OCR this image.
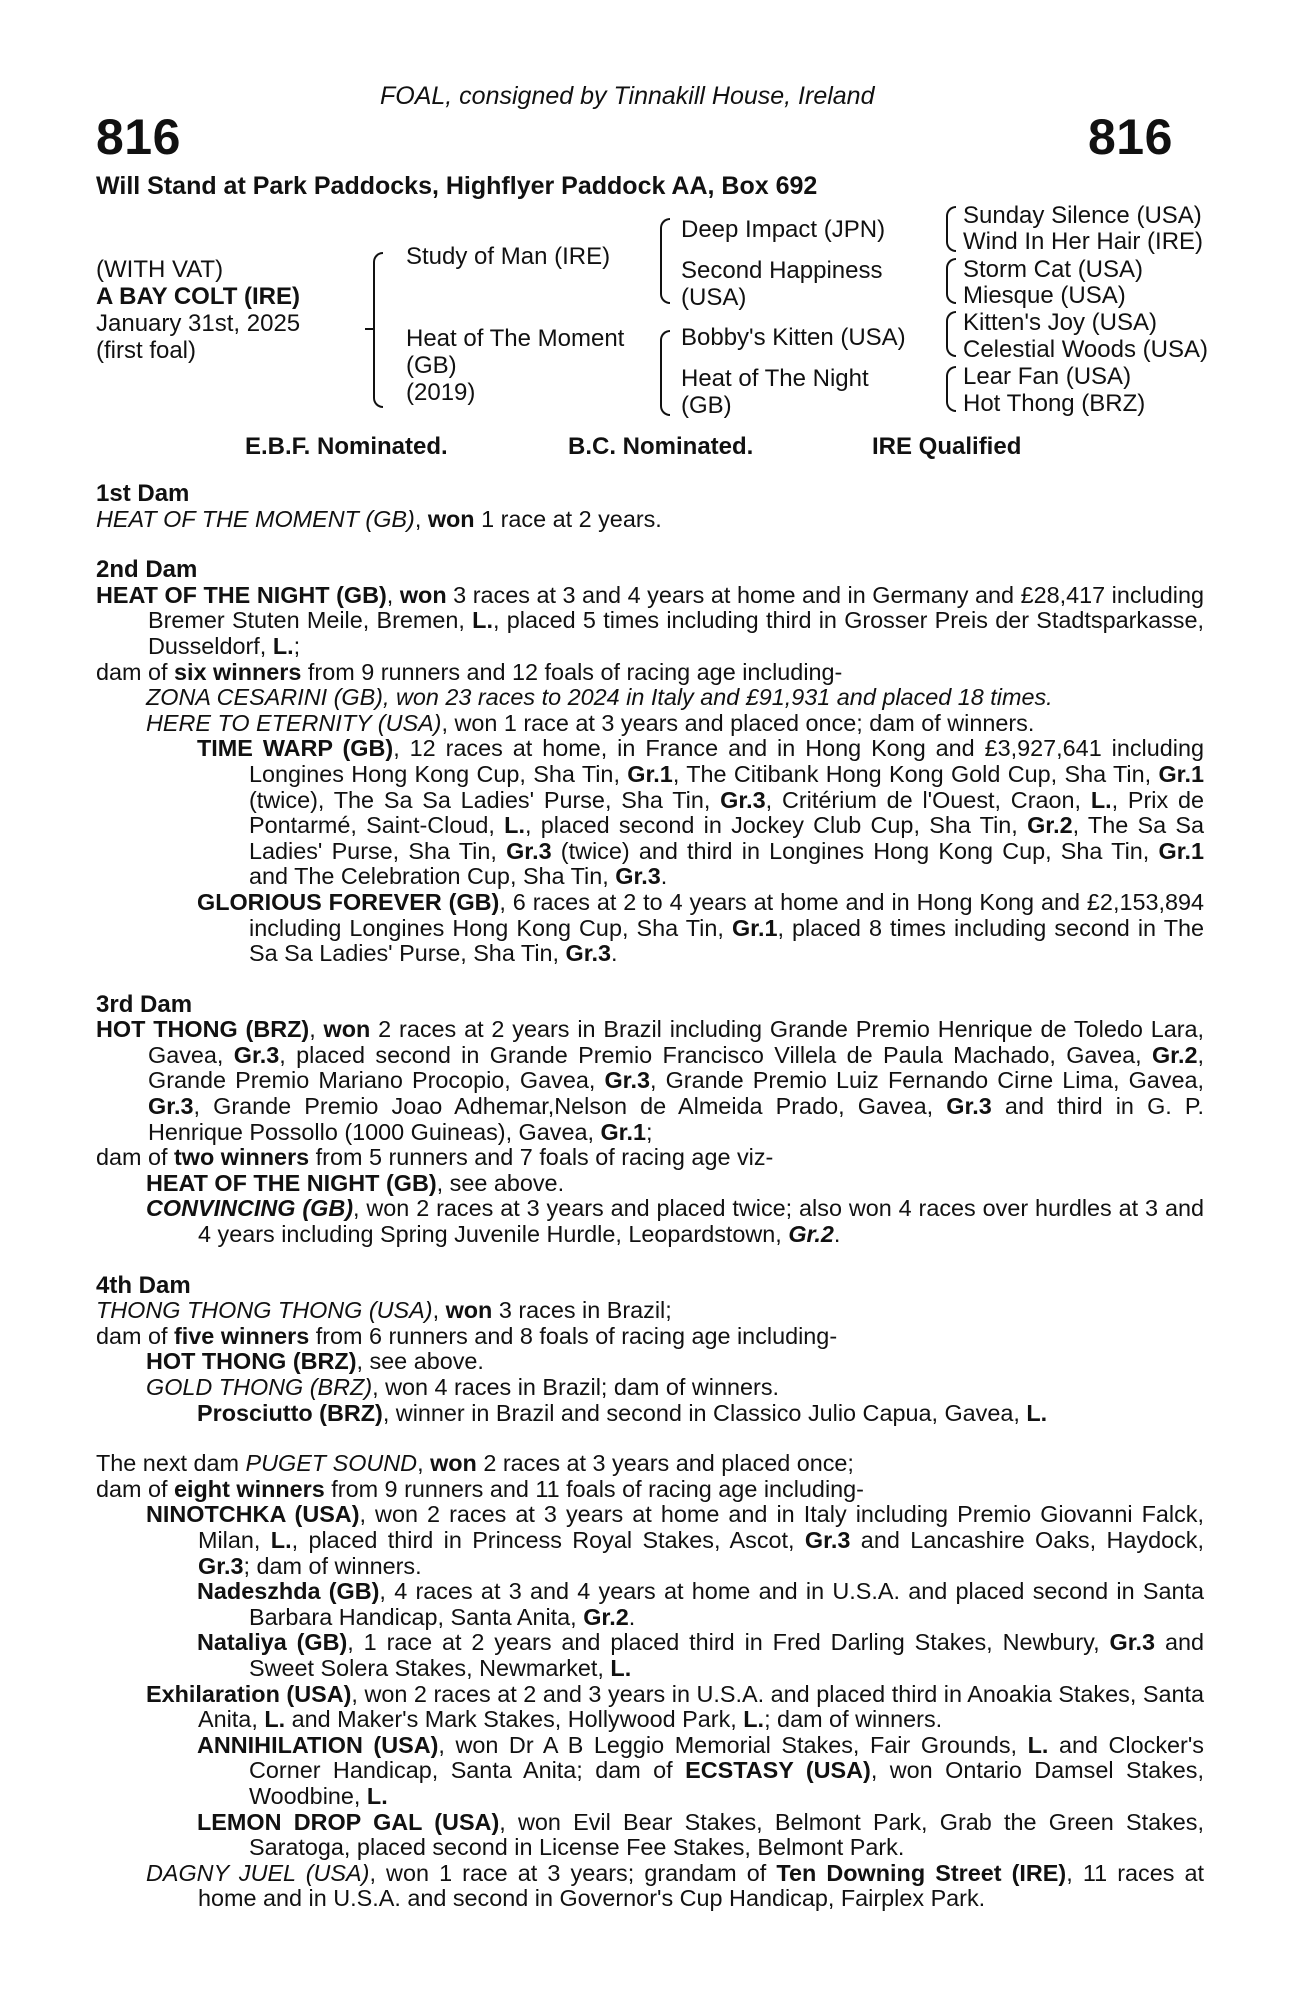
FOAL, consigned by Tinnakill House, Ireland
816	816
Will Stand at Park Paddocks, Highflyer Paddock AA, Box 692
(WITH VAT)
A BAY COLT (IRE)
January 31st, 2025
(first foal)
Study of Man (IRE)
Heat of The Moment
(GB)
(2019)
Deep Impact (JPN)
Second Happiness
(USA)
Bobby's Kitten (USA)
Heat of The Night
(GB)
Sunday Silence (USA)
Wind In Her Hair (IRE)
Storm Cat (USA)
Miesque (USA)
Kitten's Joy (USA)
Celestial Woods (USA)
Lear Fan (USA)
Hot Thong (BRZ)
E.B.F. Nominated.	B.C. Nominated.	IRE Qualified
1st Dam
HEAT OF THE MOMENT (GB), won 1 race at 2 years.
2nd Dam
HEAT OF THE NIGHT (GB), won 3 races at 3 and 4 years at home and in Germany and £28,417 including Bremer Stuten Meile, Bremen, L., placed 5 times including third in Grosser Preis der Stadtsparkasse, Dusseldorf, L.;
dam of six winners from 9 runners and 12 foals of racing age including-
ZONA CESARINI (GB), won 23 races to 2024 in Italy and £91,931 and placed 18 times.
HERE TO ETERNITY (USA), won 1 race at 3 years and placed once; dam of winners.
TIME WARP (GB), 12 races at home, in France and in Hong Kong and £3,927,641 including Longines Hong Kong Cup, Sha Tin, Gr.1, The Citibank Hong Kong Gold Cup, Sha Tin, Gr.1 (twice), The Sa Sa Ladies' Purse, Sha Tin, Gr.3, Critérium de l'Ouest, Craon, L., Prix de Pontarmé, Saint-Cloud, L., placed second in Jockey Club Cup, Sha Tin, Gr.2, The Sa Sa Ladies' Purse, Sha Tin, Gr.3 (twice) and third in Longines Hong Kong Cup, Sha Tin, Gr.1 and The Celebration Cup, Sha Tin, Gr.3.
GLORIOUS FOREVER (GB), 6 races at 2 to 4 years at home and in Hong Kong and £2,153,894 including Longines Hong Kong Cup, Sha Tin, Gr.1, placed 8 times including second in The Sa Sa Ladies' Purse, Sha Tin, Gr.3.
3rd Dam
HOT THONG (BRZ), won 2 races at 2 years in Brazil including Grande Premio Henrique de Toledo Lara, Gavea, Gr.3, placed second in Grande Premio Francisco Villela de Paula Machado, Gavea, Gr.2, Grande Premio Mariano Procopio, Gavea, Gr.3, Grande Premio Luiz Fernando Cirne Lima, Gavea, Gr.3, Grande Premio Joao Adhemar,Nelson de Almeida Prado, Gavea, Gr.3 and third in G. P. Henrique Possollo (1000 Guineas), Gavea, Gr.1;
dam of two winners from 5 runners and 7 foals of racing age viz-
HEAT OF THE NIGHT (GB), see above.
CONVINCING (GB), won 2 races at 3 years and placed twice; also won 4 races over hurdles at 3 and 4 years including Spring Juvenile Hurdle, Leopardstown, Gr.2.
4th Dam
THONG THONG THONG (USA), won 3 races in Brazil;
dam of five winners from 6 runners and 8 foals of racing age including-
HOT THONG (BRZ), see above.
GOLD THONG (BRZ), won 4 races in Brazil; dam of winners.
Prosciutto (BRZ), winner in Brazil and second in Classico Julio Capua, Gavea, L.
The next dam PUGET SOUND, won 2 races at 3 years and placed once;
dam of eight winners from 9 runners and 11 foals of racing age including-
NINOTCHKA (USA), won 2 races at 3 years at home and in Italy including Premio Giovanni Falck, Milan, L., placed third in Princess Royal Stakes, Ascot, Gr.3 and Lancashire Oaks, Haydock, Gr.3; dam of winners.
Nadeszhda (GB), 4 races at 3 and 4 years at home and in U.S.A. and placed second in Santa Barbara Handicap, Santa Anita, Gr.2.
Nataliya (GB), 1 race at 2 years and placed third in Fred Darling Stakes, Newbury, Gr.3 and Sweet Solera Stakes, Newmarket, L.
Exhilaration (USA), won 2 races at 2 and 3 years in U.S.A. and placed third in Anoakia Stakes, Santa Anita, L. and Maker's Mark Stakes, Hollywood Park, L.; dam of winners.
ANNIHILATION (USA), won Dr A B Leggio Memorial Stakes, Fair Grounds, L. and Clocker's Corner Handicap, Santa Anita; dam of ECSTASY (USA), won Ontario Damsel Stakes, Woodbine, L.
LEMON DROP GAL (USA), won Evil Bear Stakes, Belmont Park, Grab the Green Stakes, Saratoga, placed second in License Fee Stakes, Belmont Park.
DAGNY JUEL (USA), won 1 race at 3 years; grandam of Ten Downing Street (IRE), 11 races at home and in U.S.A. and second in Governor's Cup Handicap, Fairplex Park.
